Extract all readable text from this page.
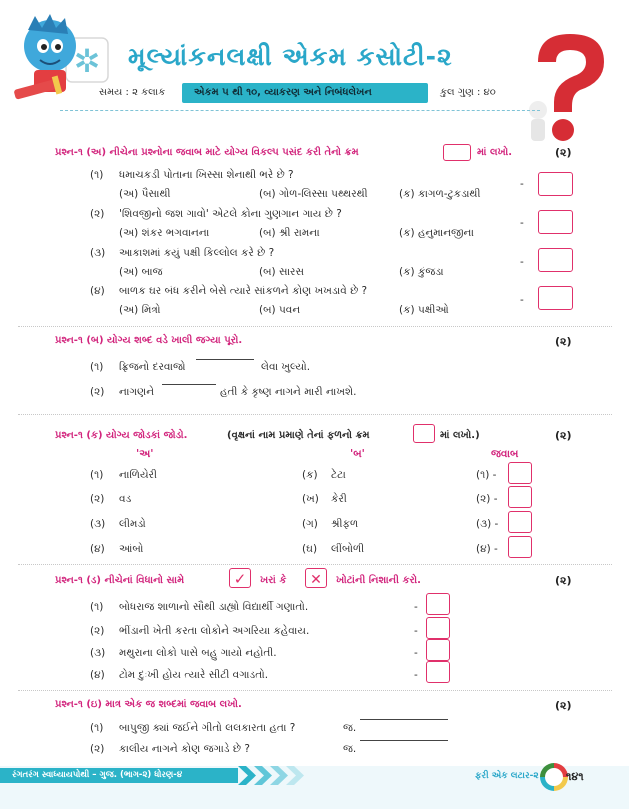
✲ મૂલ્યાંકનલક્ષી એકમ કસોટી-૨
સમય : ૨ કલાક	એકમ ૫ થી ૧૦, વ્યાકરણ અને નિબંધલેખન	કુલ ગુણ : ૪૦
પ્રશ્ન-૧ (અ) નીચેના પ્રશ્નોના જવાબ માટે યોગ્ય વિકલ્પ પસંદ કરી તેનો ક્રમ	માં લખો.	(૨)
(૧) ધમાચકડી પોતાના ખિસ્સા શેનાથી ભરે છે ?
(અ) પૈસાથી	(બ) ગોળ-લિસ્સા પથ્થરથી	(ક) કાગળ-ટુકડાથી
-
(૨) 'શિવજીનો જશ ગાવો' એટલે કોના ગુણગાન ગાય છે ?
(અ) શંકર ભગવાનના	(બ) શ્રી રામના	(ક) હનુમાનજીના
-
(૩) આકાશમાં કયું પક્ષી કિલ્લોલ કરે છે ?
(અ) બાજ	(બ) સારસ	(ક) કુંજડા
-
(૪) બાળક ઘર બંધ કરીને બેસે ત્યારે સાંકળને કોણ ખખડાવે છે ?
(અ) મિત્રો	(બ) પવન	(ક) પક્ષીઓ
-
પ્રશ્ન-૧ (બ) યોગ્ય શબ્દ વડે ખાલી જગ્યા પૂરો.	(૨)
(૧) ફ્રિજનો દરવાજો	લેવા ખુલ્યો.
(૨) નાગણને	હતી કે કૃષ્ણ નાગને મારી નાખશે.
પ્રશ્ન-૧ (ક) યોગ્ય જોડકાં જોડો.	(વૃક્ષનાં નામ પ્રમાણે તેનાં ફળનો ક્રમ	માં લખો.)	(૨)
'અ'	'બ'	જવાબ
(૧) નાળિયેરી	(ક) ટેટા	(૧) -
(૨) વડ	(ખ) કેરી	(૨) -
(૩) લીમડો	(ગ) શ્રીફળ	(૩) -
(૪) આંબો	(ઘ) લીંબોળી	(૪) -
પ્રશ્ન-૧ (ડ) નીચેનાં વિધાનો સામે	✓	ખરાં કે	✕	ખોટાંની નિશાની કરો.	(૨)
(૧) બોધરાજ શાળાનો સૌથી ડાહ્યો વિદ્યાર્થી ગણાતો.	-
(૨) ભીંડાની ખેતી કરતા લોકોને અગરિયા કહેવાય.	-
(૩) મથુરાના લોકો પાસે બહુ ગાયો નહોતી.	-
(૪) ટોમ દુઃખી હોય ત્યારે સીટી વગાડતો.	-
પ્રશ્ન-૧ (ઇ) માત્ર એક જ શબ્દમાં જવાબ લખો.	(૨)
(૧) બાપુજી ક્યાં જઈને ગીતો લલકારતા હતા ?	જ.
(૨) કાલીય નાગને કોણ જગાડે છે ?	જ.
રંગતરંગ સ્વાધ્યાયપોથી – ગુજ. (ભાગ-૨) ધોરણ-૪	ફરી એક લટાર-૨ ૧૪૧
